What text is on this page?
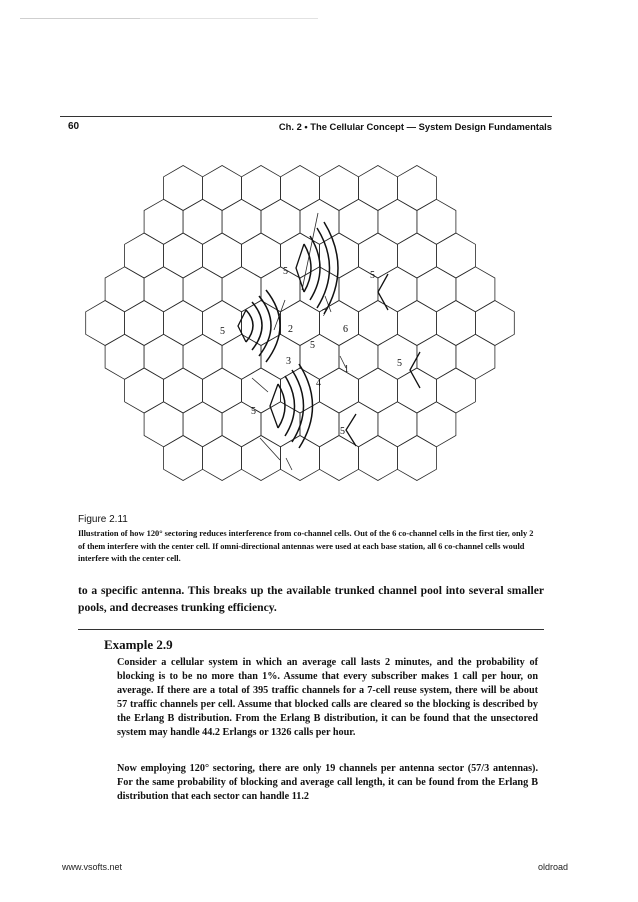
60	Ch. 2 • The Cellular Concept — System Design Fundamentals
5	5
5	2	6
7
5
1
3
4
5
5
5
Figure 2.11
Illustration of how 120° sectoring reduces interference from co-channel cells. Out of the 6 co-channel cells in the first tier, only 2 of them interfere with the center cell. If omni-directional antennas were used at each base station, all 6 co-channel cells would interfere with the center cell.
to a specific antenna. This breaks up the available trunked channel pool into several smaller pools, and decreases trunking efficiency.
Example 2.9

Consider a cellular system in which an average call lasts 2 minutes, and the probability of blocking is to be no more than 1%. Assume that every subscriber makes 1 call per hour, on average. If there are a total of 395 traffic channels for a 7-cell reuse system, there will be about 57 traffic channels per cell. Assume that blocked calls are cleared so the blocking is described by the Erlang B distribution. From the Erlang B distribution, it can be found that the unsectored system may handle 44.2 Erlangs or 1326 calls per hour.

Now employing 120° sectoring, there are only 19 channels per antenna sector (57/3 antennas). For the same probability of blocking and average call length, it can be found from the Erlang B distribution that each sector can handle 11.2

www.vsofts.net	oldroad
